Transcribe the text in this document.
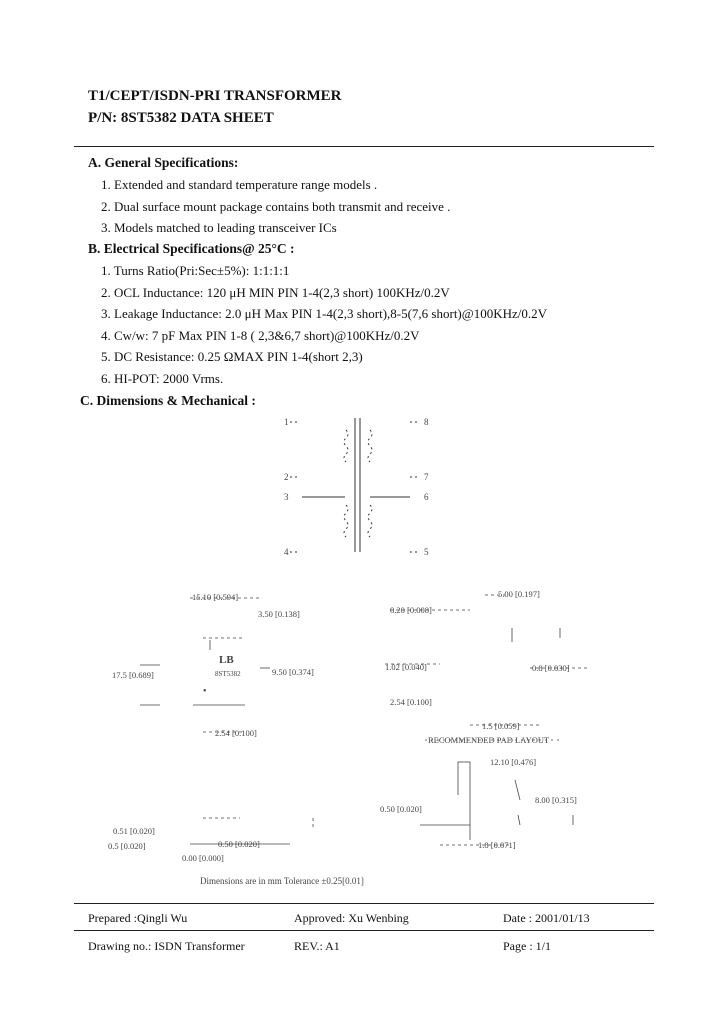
T1/CEPT/ISDN-PRI TRANSFORMER
P/N: 8ST5382 DATA SHEET
A. General Specifications:
1. Extended and standard temperature range models .
2. Dual surface mount package contains both transmit and receive .
3. Models matched to leading transceiver ICs
B. Electrical Specifications@ 25°C :
1. Turns Ratio(Pri:Sec±5%): 1:1:1:1
2. OCL Inductance: 120 μH MIN PIN 1-4(2,3 short) 100KHz/0.2V
3. Leakage Inductance: 2.0 μH Max PIN 1-4(2,3 short),8-5(7,6 short)@100KHz/0.2V
4. Cw/w: 7 pF Max PIN 1-8 ( 2,3&6,7 short)@100KHz/0.2V
5. DC Resistance: 0.25 ΩMAX PIN 1-4(short 2,3)
6. HI-POT: 2000 Vrms.
C. Dimensions & Mechanical :
1
2
3
4
8
7
6
5
15.10 [0.594]
3.50 [0.138]
17.5 [0.689]	9.50 [0.374]
2.54 [0.100]
LB
8ST5382
•
5.00 [0.197]
0.20 [0.008]
1.02 [0.040]	0.8 [0.030]
2.54 [0.100]
1.5 [0.059]
RECOMMENDED PAD LAYOUT
12.10 [0.476]
8.00 [0.315]
0.50 [0.020]
1.8 [0.071]
0.51 [0.020]
0.5 [0.020]	0.50 [0.020]
0.00 [0.000]
Dimensions are in mm Tolerance ±0.25[0.01]
Prepared :Qingli Wu	Approved: Xu Wenbing	Date : 2001/01/13
Drawing no.: ISDN Transformer	REV.: A1	Page : 1/1
